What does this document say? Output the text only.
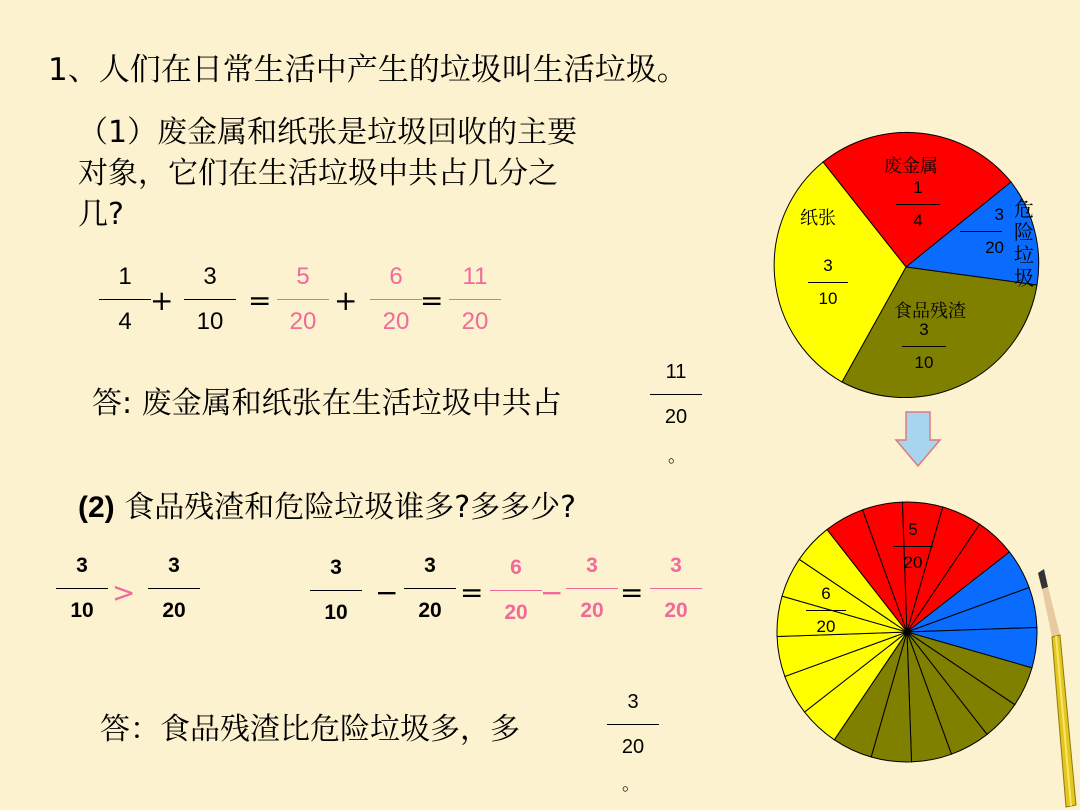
1、人们在日常生活中产生的垃圾叫生活垃圾。
（1）废金属和纸张是垃圾回收的主要对象，它们在生活垃圾中共占几分之几?
1
4
+
3
10
=
5
20
+
6
20
=
11
20
答: 废金属和纸张在生活垃圾中共占
11
20
。
(2) 食品残渣和危险垃圾谁多?多多少?
3
10
>
3
20
3
10
−
3
20
=
6
20
−
3
20
=
3
20
答：食品残渣比危险垃圾多，多
3
20
。
废金属
1
4	危险垃圾
3
20
食品残渣
3
10
纸张
3
10
5
20
6
20
